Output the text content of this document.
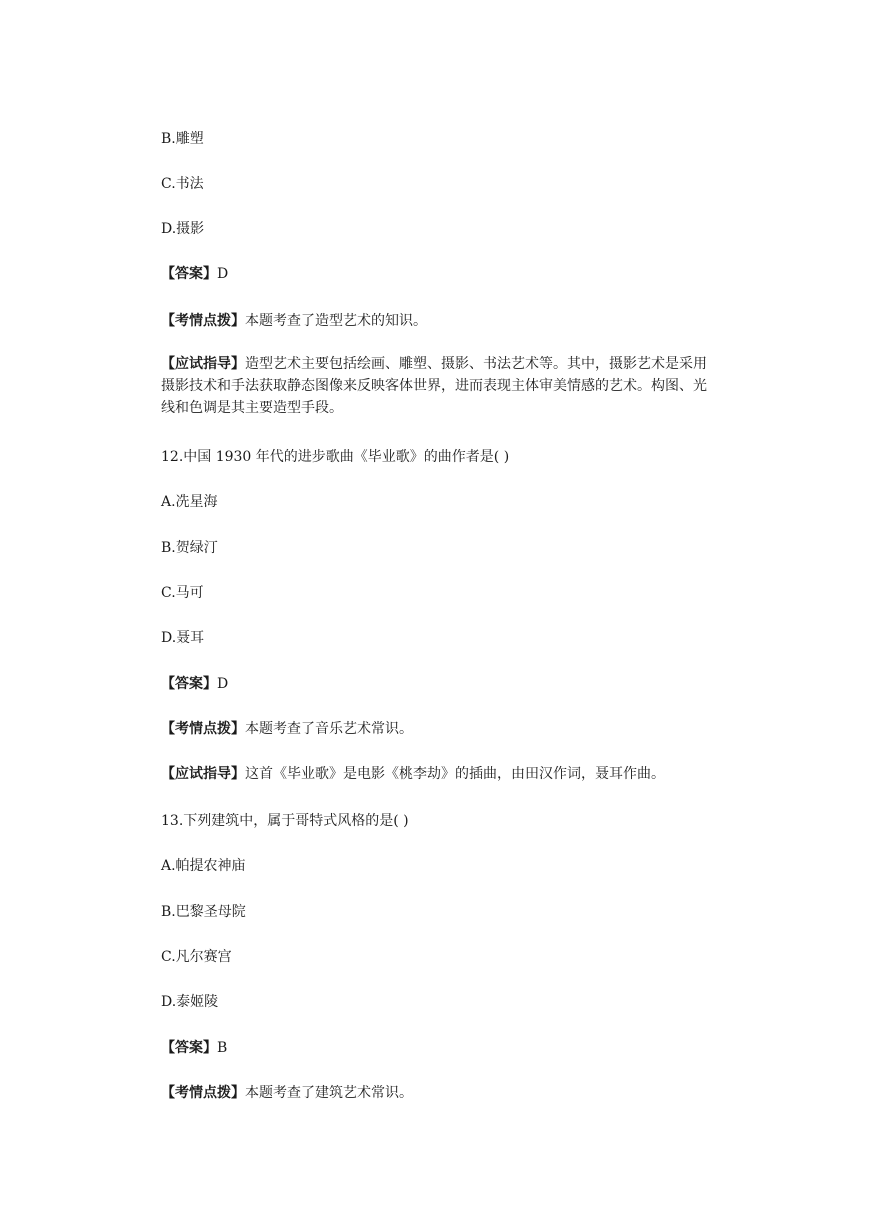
B.雕塑
C.书法
D.摄影
【答案】D
【考情点拨】本题考查了造型艺术的知识。
【应试指导】造型艺术主要包括绘画、雕塑、摄影、书法艺术等。其中，摄影艺术是采用摄影技术和手法获取静态图像来反映客体世界，进而表现主体审美情感的艺术。构图、光线和色调是其主要造型手段。
12.中国 1930 年代的进步歌曲《毕业歌》的曲作者是( )
A.冼星海
B.贺绿汀
C.马可
D.聂耳
【答案】D
【考情点拨】本题考查了音乐艺术常识。
【应试指导】这首《毕业歌》是电影《桃李劫》的插曲，由田汉作词，聂耳作曲。
13.下列建筑中，属于哥特式风格的是( )
A.帕提农神庙
B.巴黎圣母院
C.凡尔赛宫
D.泰姬陵
【答案】B
【考情点拨】本题考查了建筑艺术常识。
